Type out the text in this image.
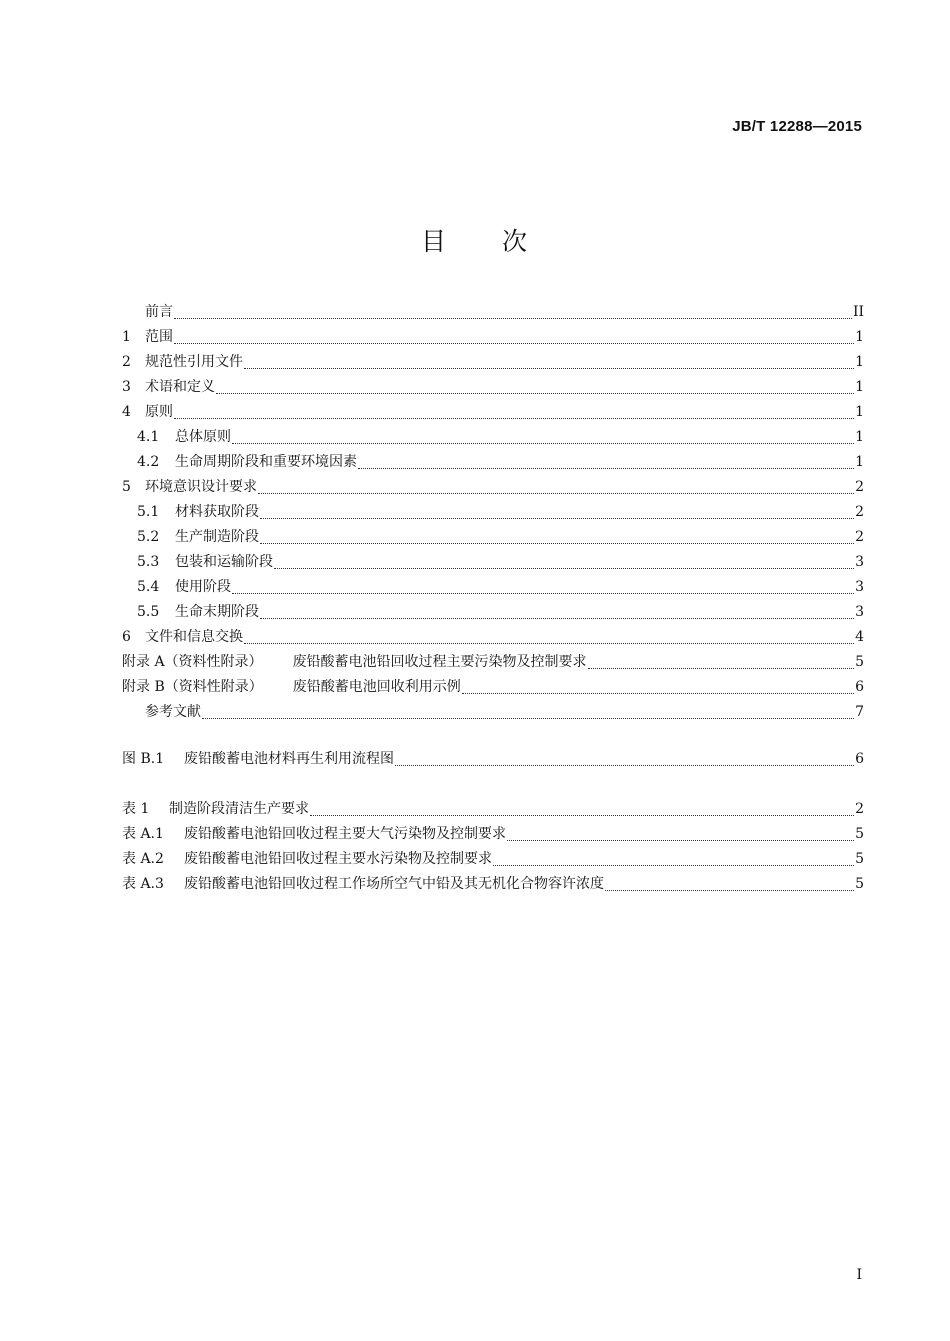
JB/T 12288—2015
目　　次
前言	II
1	范围	1
2	规范性引用文件	1
3	术语和定义	1
4	原则	1
4.1	总体原则	1
4.2	生命周期阶段和重要环境因素	1
5	环境意识设计要求	2
5.1	材料获取阶段	2
5.2	生产制造阶段	2
5.3	包装和运输阶段	3
5.4	使用阶段	3
5.5	生命末期阶段	3
6	文件和信息交换	4
附录 A（资料性附录） 废铅酸蓄电池铅回收过程主要污染物及控制要求	5
附录 B（资料性附录） 废铅酸蓄电池回收利用示例	6
参考文献	7
图 B.1	废铅酸蓄电池材料再生利用流程图	6
表 1	制造阶段清洁生产要求	2
表 A.1	废铅酸蓄电池铅回收过程主要大气污染物及控制要求	5
表 A.2	废铅酸蓄电池铅回收过程主要水污染物及控制要求	5
表 A.3	废铅酸蓄电池铅回收过程工作场所空气中铅及其无机化合物容许浓度	5
I
